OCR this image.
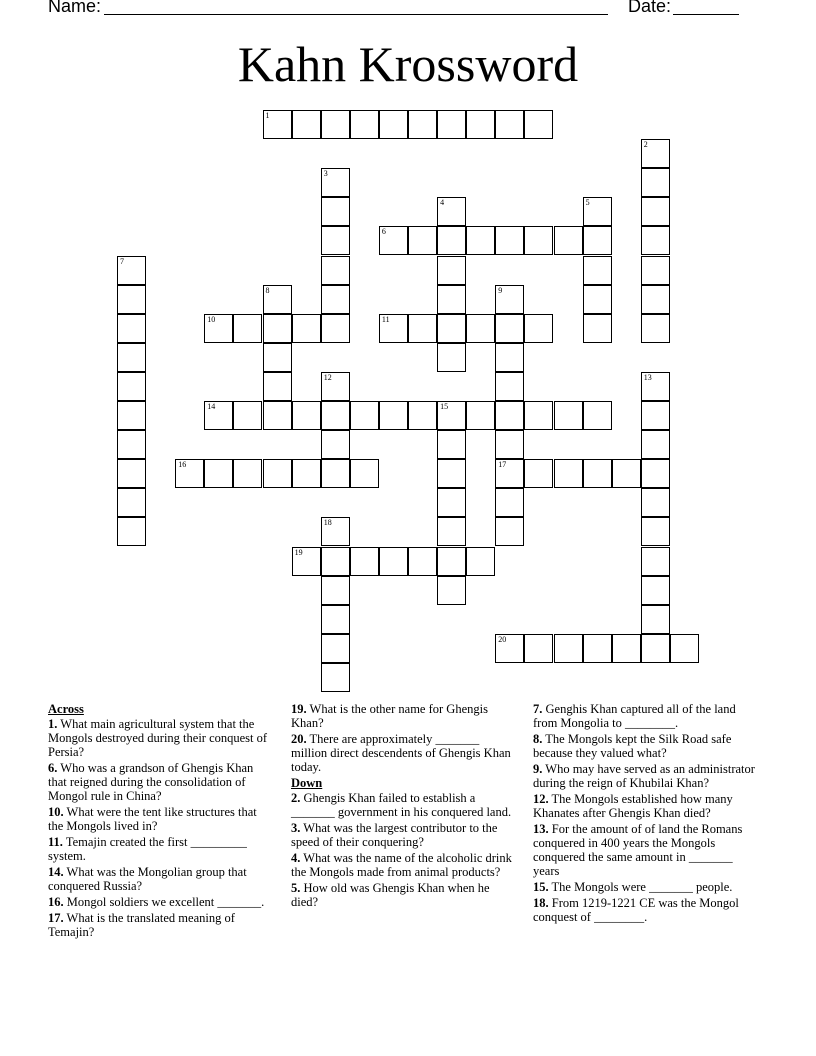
Name:	Date:
Kahn Krossword
1
2
3
4	5
6
7
8	9
17
10	11
12	13
14	15
16
18
19
20
Across
1. What main agricultural system that the Mongols destroyed during their conquest of Persia?
6. Who was a grandson of Ghengis Khan that reigned during the consolidation of Mongol rule in China?
10. What were the tent like structures that the Mongols lived in?
11. Temajin created the first _________ system.
14. What was the Mongolian group that conquered Russia?
16. Mongol soldiers we excellent _______.
17. What is the translated meaning of Temajin?
19. What is the other name for Ghengis Khan?
20. There are approximately _______ million direct descendents of Ghengis Khan today.
Down
2. Ghengis Khan failed to establish a _______ government in his conquered land.
3. What was the largest contributor to the speed of their conquering?
4. What was the name of the alcoholic drink the Mongols made from animal products?
5. How old was Ghengis Khan when he died?
7. Genghis Khan captured all of the land from Mongolia to ________.
8. The Mongols kept the Silk Road safe because they valued what?
9. Who may have served as an administrator during the reign of Khubilai Khan?
12. The Mongols established how many Khanates after Ghengis Khan died?
13. For the amount of of land the Romans conquered in 400 years the Mongols conquered the same amount in _______ years
15. The Mongols were _______ people.
18. From 1219-1221 CE was the Mongol conquest of ________.
